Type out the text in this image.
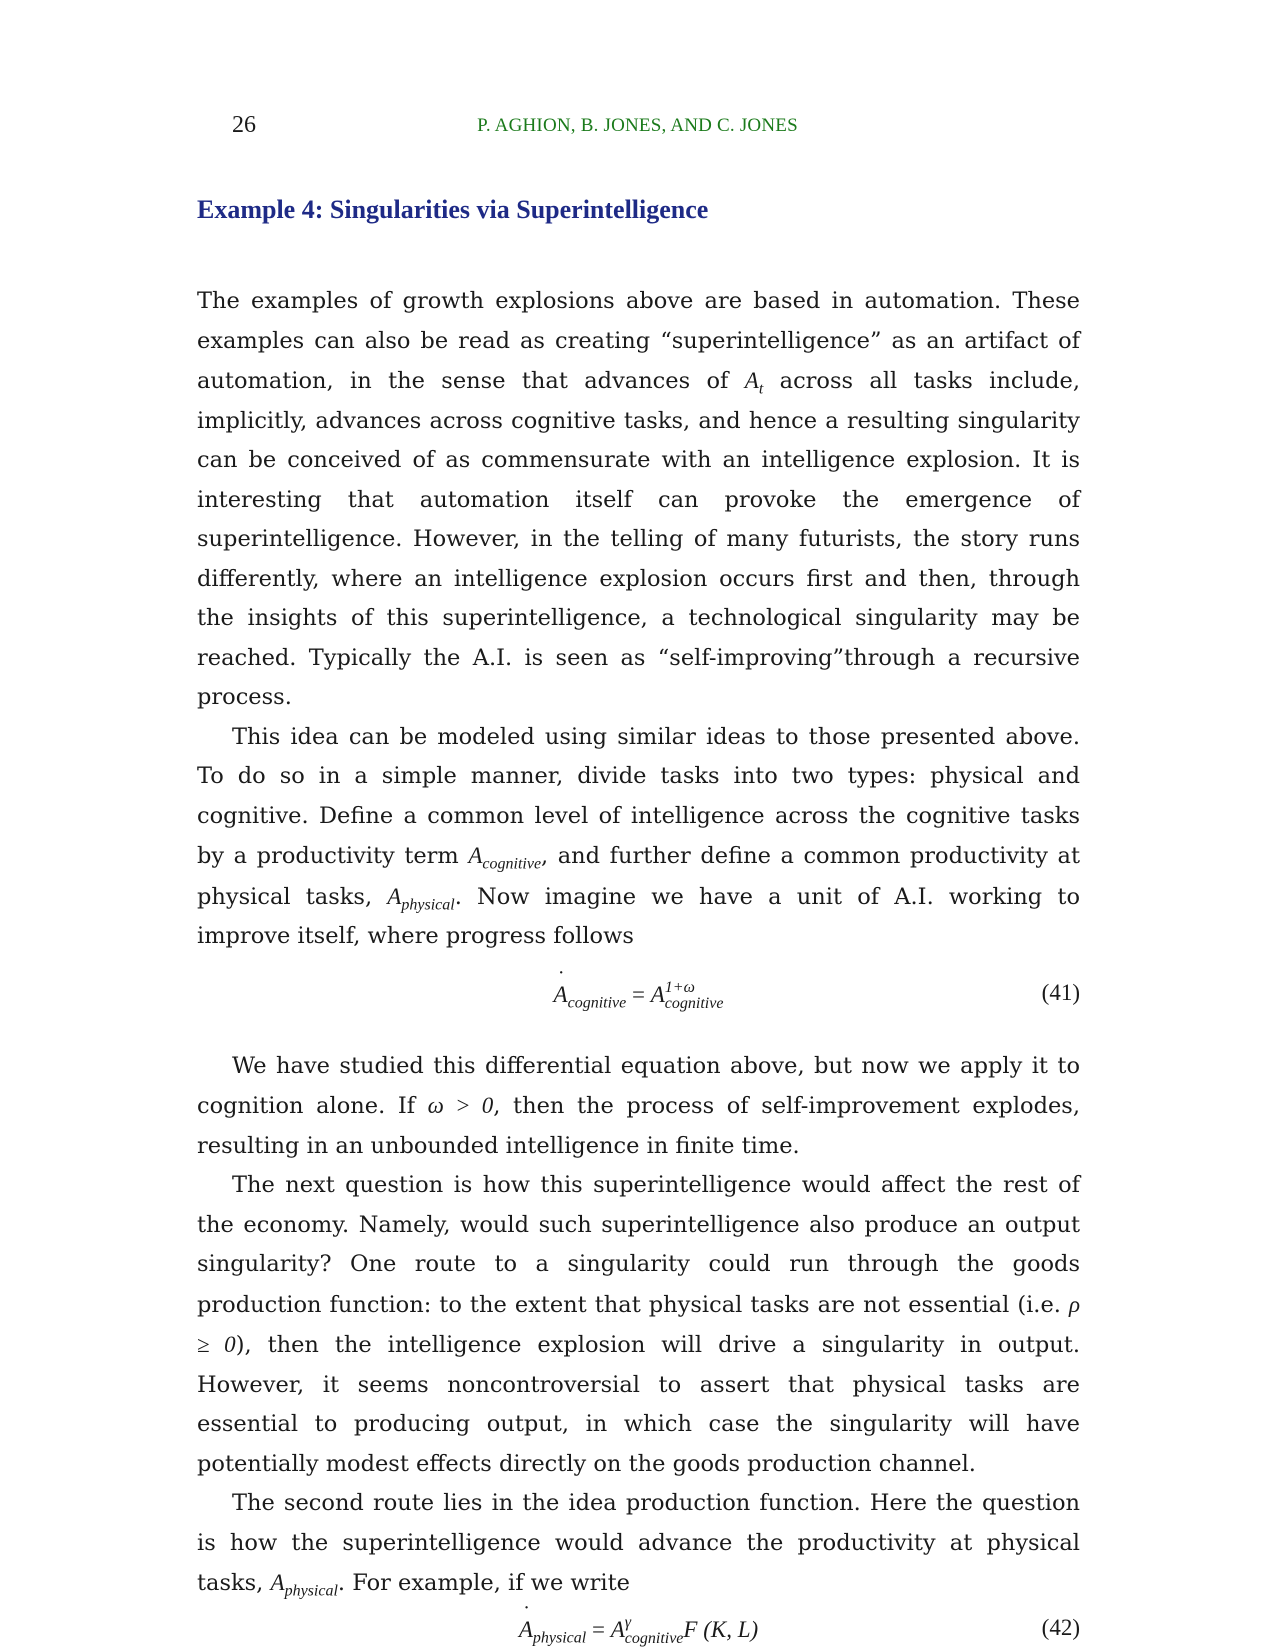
26	P. AGHION, B. JONES, AND C. JONES
Example 4: Singularities via Superintelligence

The examples of growth explosions above are based in automation. These examples can also be read as creating “superintelligence” as an artifact of automation, in the sense that advances of $A_t$ across all tasks include, implicitly, advances across cognitive tasks, and hence a resulting singularity can be conceived of as commensurate with an intelligence explosion. It is interesting that automation itself can provoke the emergence of superintelligence. However, in the telling of many futurists, the story runs differently, where an intelligence explosion occurs first and then, through the insights of this superintelligence, a technological singularity may be reached. Typically the A.I. is seen as “self-improving”through a recursive process.

This idea can be modeled using similar ideas to those presented above. To do so in a simple manner, divide tasks into two types: physical and cognitive. Define a common level of intelligence across the cognitive tasks by a productivity term $A_{cognitive}$, and further define a common productivity at physical tasks, $A_{physical}$. Now imagine we have a unit of A.I. working to improve itself, where progress follows

A $˙_{cognitive} = A$ 1+ω
cognitive	(41)

We have studied this differential equation above, but now we apply it to cognition alone. If ω > 0, then the process of self-improvement explodes, resulting in an unbounded intelligence in finite time.

The next question is how this superintelligence would affect the rest of the economy. Namely, would such superintelligence also produce an output singularity? One route to a singularity could run through the goods production function: to the extent that physical tasks are not essential (i.e. ρ ≥ 0), then the intelligence explosion will drive a singularity in output. However, it seems noncontroversial to assert that physical tasks are essential to producing output, in which case the singularity will have potentially modest effects directly on the goods production channel.

The second route lies in the idea production function. Here the question is how the superintelligence would advance the productivity at physical tasks, $A_{physical}$. For example, if we write

A $˙_{physical} = A$ γ
cognitive F (K, L)	(42)
